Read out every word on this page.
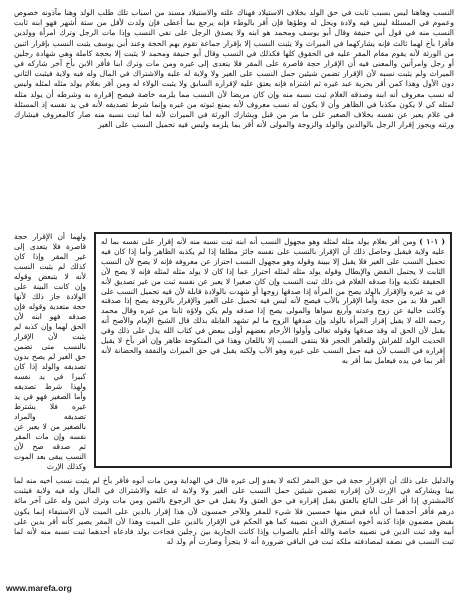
النسب وهاهنا ليس بسبب ثابت في حق الولد بخلاف الاستيلاد فهناك علته والاستيلاد مسند من اسباب تلك طلب الولد وهنا مآذونه خصوص وعموم في المسئلة ليس فيه ولادة ويحل له وطؤها فإن أقر بالوطء فإنه يرجع بما أعطى فإن ولدت لأقل من ستة أشهر فهو ابنه ثابت النسب منه في قول أبي حنيفة وقال أبو يوسف ومحمد هو ابنه ولا يصدق الرجل على نفي النسب وإذا مات الرجل وترك امرأة وولدين فأقرا بأخ لهما ثالث فإنه يشاركهما في الميراث ولا يثبت النسب إلا بإقرار جماعة تقوم بهم الحجة وعند أبي يوسف يثبت النسب بإقرار اثنين من الورثة لأنه يقوم مقام المقر عليه في الحقوق كلها فكذلك في النسب وقال أبو حنيفة ومحمد لا يثبت إلا بحجة كاملة وهي شهادة رجلين أو رجل وامرأتين والمعنى فيه أن الإقرار حجة قاصرة على المقر فلا يتعدى إلى غيره ومن مات وترك ابنا فأقر الابن بأخ آخر شاركه في الميراث ولم يثبت نسبه لأن الإقرار تضمن شيئين حمل النسب على الغير ولا ولاية له عليه والاشتراك في المال وله فيه ولاية فيثبت الثاني دون الأول وهذا كمن أقر بحرية عبد غيره ثم اشتراه فإنه يعتق عليه لإقراره السابق ولا يثبت الولاء له ومن أقر بغلام يولد مثله لمثله وليس له نسب معروف أنه ابنه وصدقه الغلام ثبت نسبه منه وإن كان مريضا لأن النسب مما يلزمه خاصة فيصح إقراره به وشرطه أن يولد مثله لمثله كي لا يكون مكذبا في الظاهر وأن لا يكون له نسب معروف لأنه يمنع ثبوته من غيره وإنما شرط تصديقه لأنه في يد نفسه إذ المسئلة في غلام يعبر عن نفسه بخلاف الصغير على ما مر من قبل ويشارك الورثة في الميراث لأنه لما ثبت نسبه منه صار كالمعروف فيشارك ورثته ويجوز إقرار الرجل بالوالدين والولد والزوجة والمولى لأنه أقر بما يلزمه وليس فيه تحميل النسب على الغير

( ١٠١ ) ومن أقر بغلام يولد مثله لمثله وهو مجهول النسب أنه ابنه ثبت نسبه منه لأنه إقرار على نفسه بما له عليه ولاية فيقبل وحاصل ذلك أن الإقرار بالنسب على نفسه جائز مطلقا إذا لم يكذبه الظاهر وأما إذا كان فيه تحميل النسب على الغير فلا يقبل إلا ببينة وقوله وهو مجهول النسب احتراز عن معروفه فإنه لا يصح لأن النسب الثابت لا يحتمل النقض والإبطال وقوله يولد مثله لمثله احتراز عما إذا كان لا يولد مثله لمثله فإنه لا يصح لأن الحقيقة تكذبه وإذا صدقه الغلام في ذلك ثبت النسب وإن كان صغيرا لا يعبر عن نفسه ثبت من غير تصديق لأنه في يد غيره والإقرار بالولد يصح من المرأة إذا صدقها زوجها أو شهدت بالولادة قابلة لأن فيه تحميل النسب على الغير فلا بد من حجة وأما الإقرار بالأب فيصح لأنه ليس فيه تحميل على الغير والإقرار بالزوجة يصح إذا صدقته وكانت خالية عن زوج وعدته وأربع سواها والمولى يصح إذا صدقه ولم يكن ولاؤه ثابتا من غيره وقال محمد رحمه الله لا يقبل إقرار المرأة بالولد وإن صدقها الزوج ما لم تشهد القابلة بذلك قال الشيخ الإمام والأصح أنه يقبل لأن الحق له وقد صدقها وقوله تعالى وأولوا الأرحام بعضهم أولى ببعض في كتاب الله يدل على ذلك وفي الحديث الولد للفراش وللعاهر الحجر فلا ينتفي النسب إلا باللعان وهذا في المنكوحة ظاهر وإن أقر بأخ لا يقبل إقراره في النسب لأن فيه حمل النسب على غيره وهو الأب ولكنه يقبل في حق الميراث والنفقة والحضانة لأنه أقر بما في يده فيعامل بما أقر به

ولهما أن الإقرار حجة قاصرة فلا يتعدى إلى غير المقر وإذا كان كذلك لم يثبت النسب لأنه لا يتبعض وقوله وإن كانت البينة على الولادة جاز ذلك لأنها حجة متعدية وقوله فإن صدقه فهو ابنه لأن الحق لهما وإن كذبه لم يثبت لأن الإقرار بالنسب متى تضمن حق الغير لم يصح بدون تصديقه والولد إذا كان كبيرا في يد نفسه ولهذا شرط تصديقه وأما الصغير فهو في يد غيره فلا يشترط تصديقه والمراد بالصغير من لا يعبر عن نفسه وإن مات المقر ثم صدقه صح لأن النسب يبقى بعد الموت وكذلك الإرث

والدليل على ذلك أن الإقرار حجة في حق المقر لكنه لا يعدو إلى غيره قال في الهداية ومن مات أبوه فأقر بأخ لم يثبت نسب أخيه منه لما بينا ويشاركه في الإرث لأن إقراره تضمن شيئين حمل النسب على الغير ولا ولاية له عليه والاشتراك في المال وله فيه ولاية فيثبت كالمشتري إذا أقر على البائع بالعتق يقبل إقراره في حق العتق ولا يقبل في حق الرجوع بالثمن ومن مات وترك ابنين وله على آخر مائة درهم فأقر أحدهما أن أباه قبض منها خمسين فلا شيء للمقر وللآخر خمسون لأن هذا إقرار بالدين على الميت لأن الاستيفاء إنما يكون بقبض مضمون فإذا كذبه أخوه استغرق الدين نصيبه كما هو الحكم في الإقرار بالدين على الميت وهذا لأن المقر يصير كأنه أقر بدين على أبيه وقد ثبت الدين في نصيبه خاصة والله أعلم بالصواب وإذا كانت الجارية بين رجلين فجاءت بولد فادعاه أحدهما ثبت نسبه منه لأنه لما ثبت النسب في نصفه لمصادفته ملكه ثبت في الباقي ضرورة أنه لا يتجزأ وصارت أم ولد له

www.marefa.org
